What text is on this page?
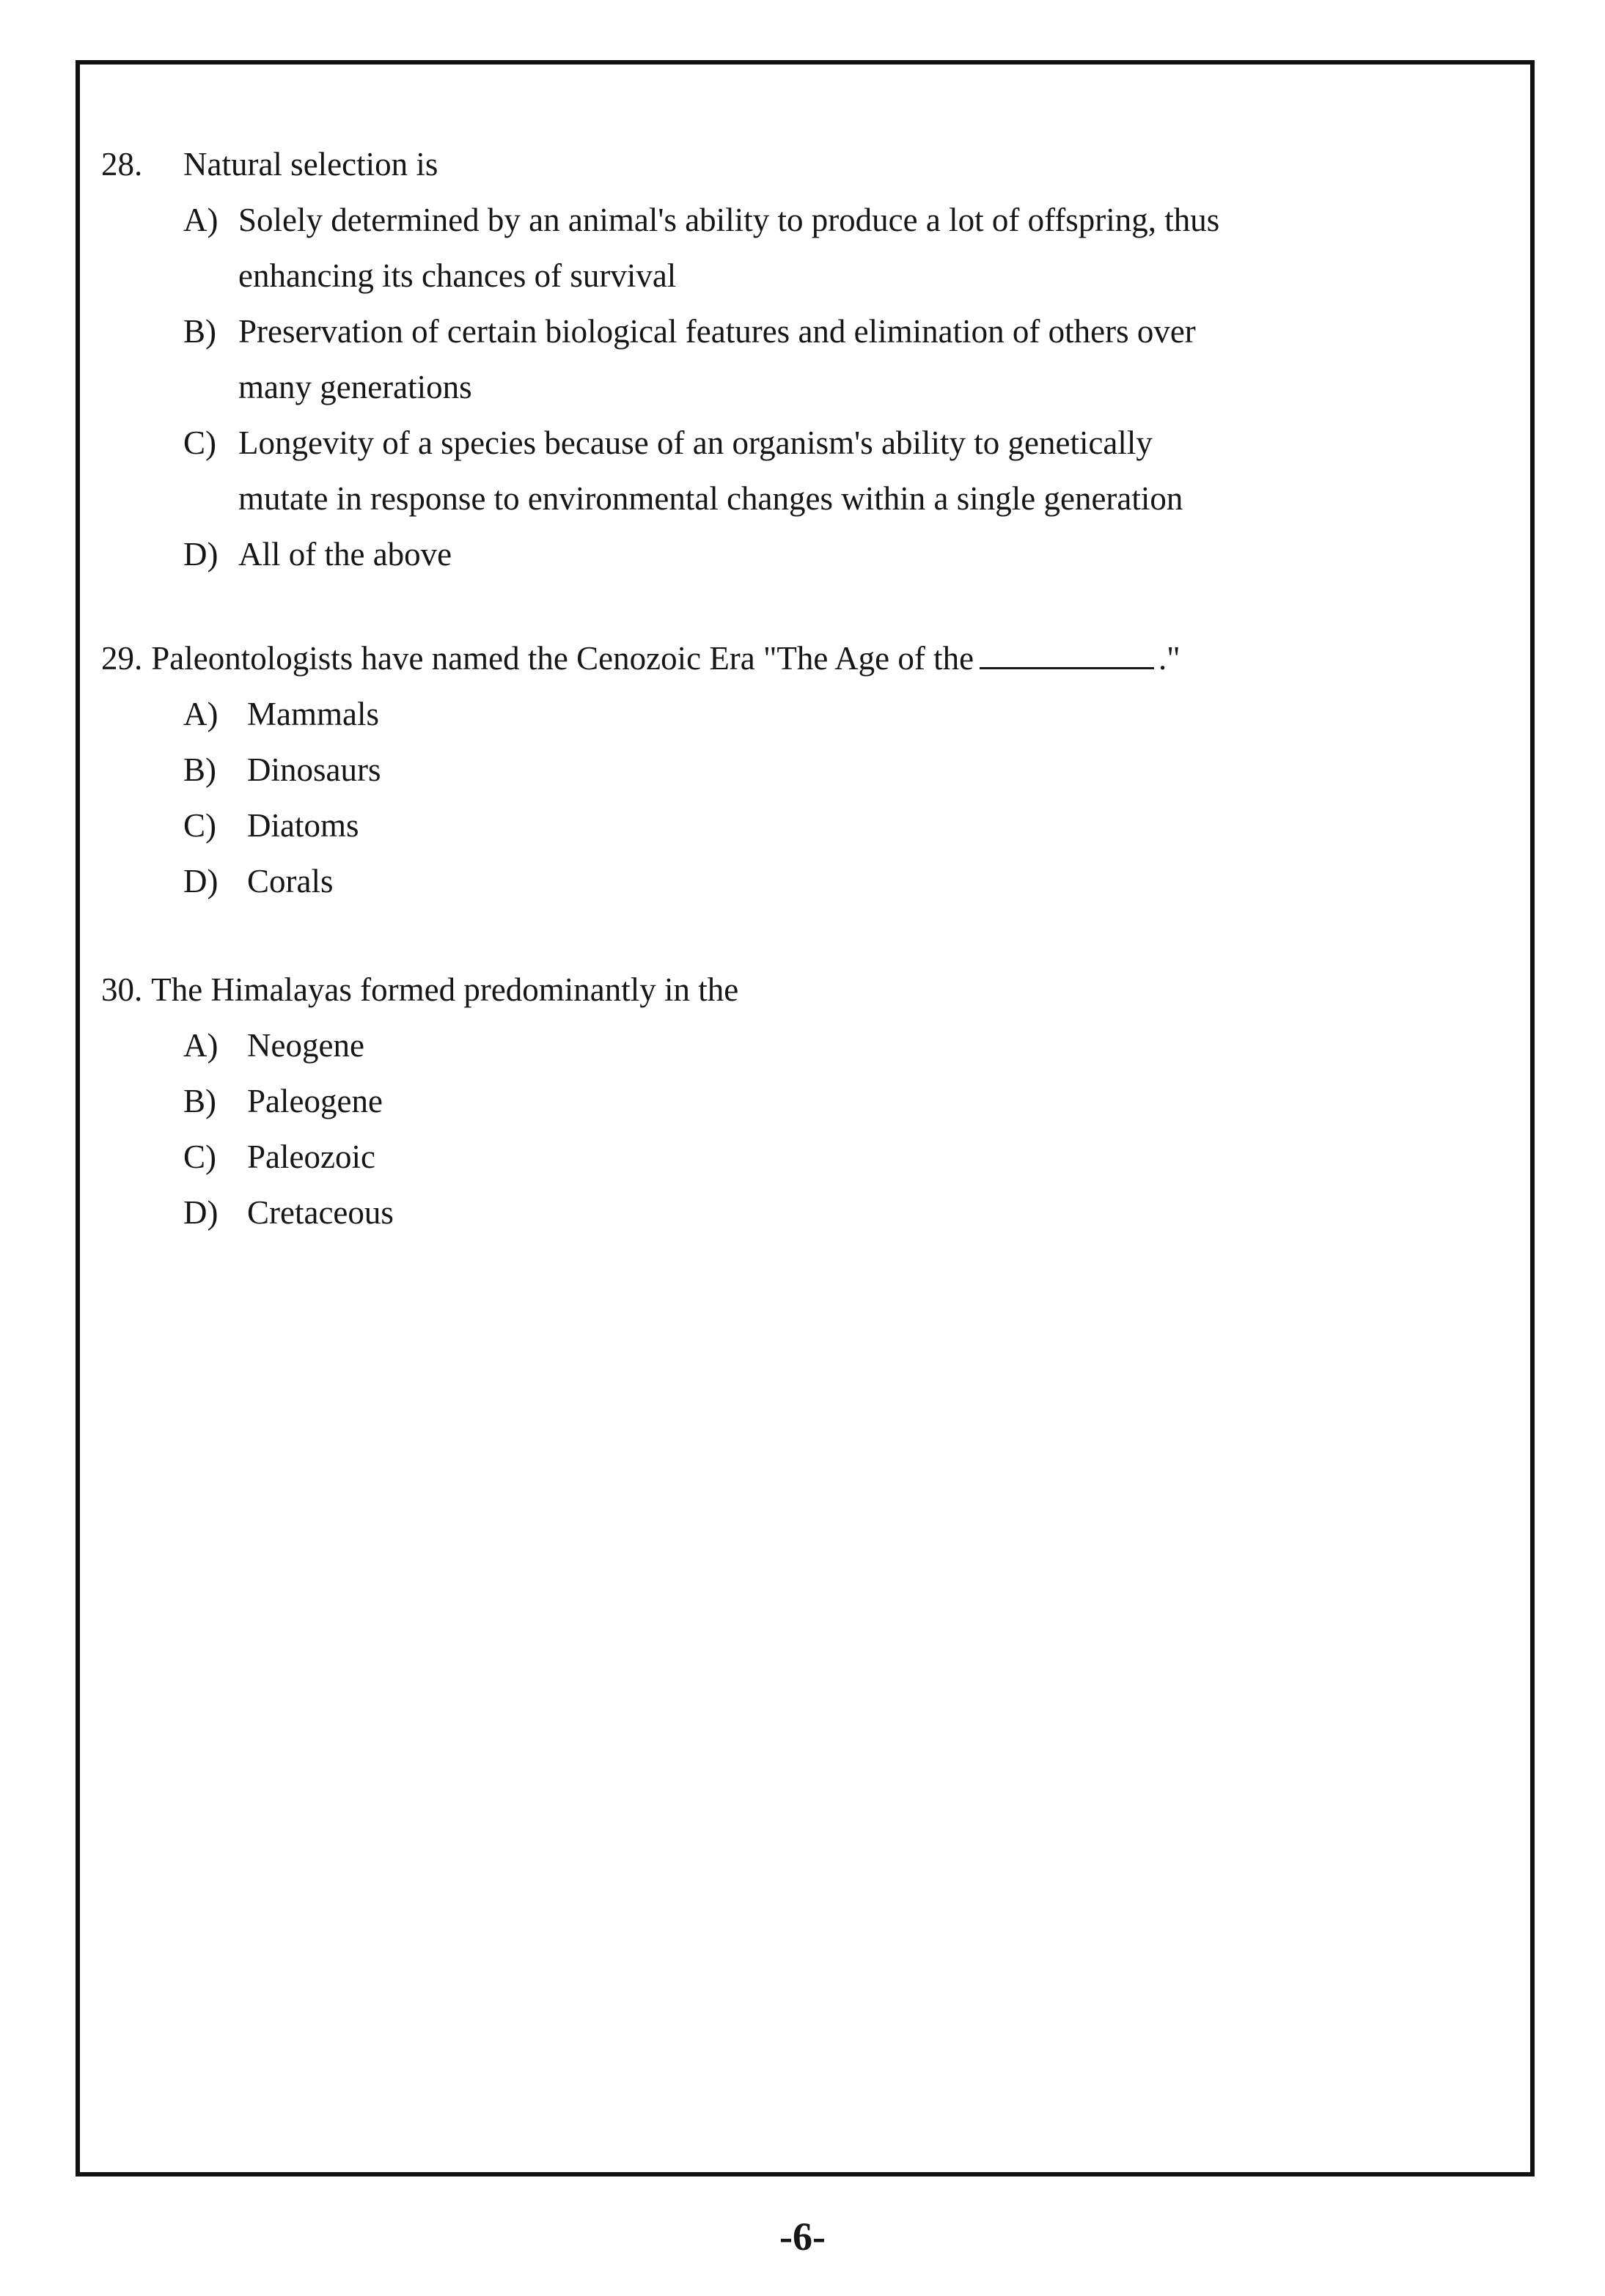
28. Natural selection is
A) Solely determined by an animal's ability to produce a lot of offspring, thus
enhancing its chances of survival
B) Preservation of certain biological features and elimination of others over
many generations
C) Longevity of a species because of an organism's ability to genetically
mutate in response to environmental changes within a single generation
D) All of the above
29. Paleontologists have named the Cenozoic Era "The Age of the	."
A) Mammals
B) Dinosaurs
C) Diatoms
D) Corals
30. The Himalayas formed predominantly in the
A) Neogene
B) Paleogene
C) Paleozoic
D) Cretaceous
-6-
